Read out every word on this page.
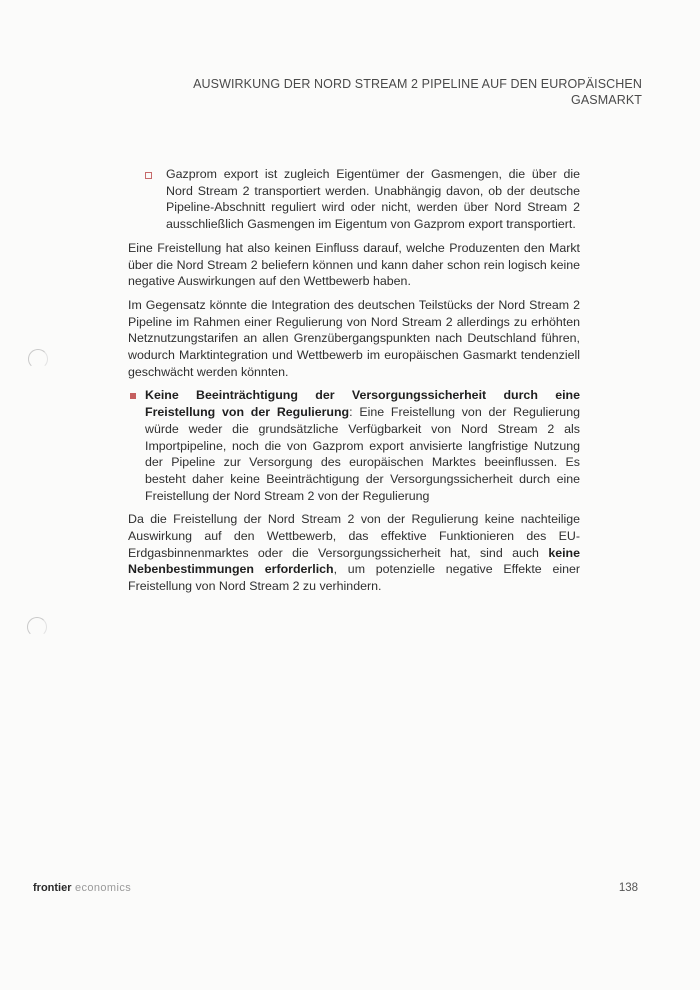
AUSWIRKUNG DER NORD STREAM 2 PIPELINE AUF DEN EUROPÄISCHEN
GASMARKT
Gazprom export ist zugleich Eigentümer der Gasmengen, die über die Nord Stream 2 transportiert werden. Unabhängig davon, ob der deutsche Pipeline-Abschnitt reguliert wird oder nicht, werden über Nord Stream 2 ausschließlich Gasmengen im Eigentum von Gazprom export transportiert.

Eine Freistellung hat also keinen Einfluss darauf, welche Produzenten den Markt über die Nord Stream 2 beliefern können und kann daher schon rein logisch keine negative Auswirkungen auf den Wettbewerb haben.

Im Gegensatz könnte die Integration des deutschen Teilstücks der Nord Stream 2 Pipeline im Rahmen einer Regulierung von Nord Stream 2 allerdings zu erhöhten Netznutzungstarifen an allen Grenzübergangspunkten nach Deutschland führen, wodurch Marktintegration und Wettbewerb im europäischen Gasmarkt tendenziell geschwächt werden könnten.

Keine Beeinträchtigung der Versorgungssicherheit durch eine Freistellung von der Regulierung: Eine Freistellung von der Regulierung würde weder die grundsätzliche Verfügbarkeit von Nord Stream 2 als Importpipeline, noch die von Gazprom export anvisierte langfristige Nutzung der Pipeline zur Versorgung des europäischen Marktes beeinflussen. Es besteht daher keine Beeinträchtigung der Versorgungssicherheit durch eine Freistellung der Nord Stream 2 von der Regulierung

Da die Freistellung der Nord Stream 2 von der Regulierung keine nachteilige Auswirkung auf den Wettbewerb, das effektive Funktionieren des EU-Erdgasbinnenmarktes oder die Versorgungssicherheit hat, sind auch keine Nebenbestimmungen erforderlich, um potenzielle negative Effekte einer Freistellung von Nord Stream 2 zu verhindern.

frontier economics	138
